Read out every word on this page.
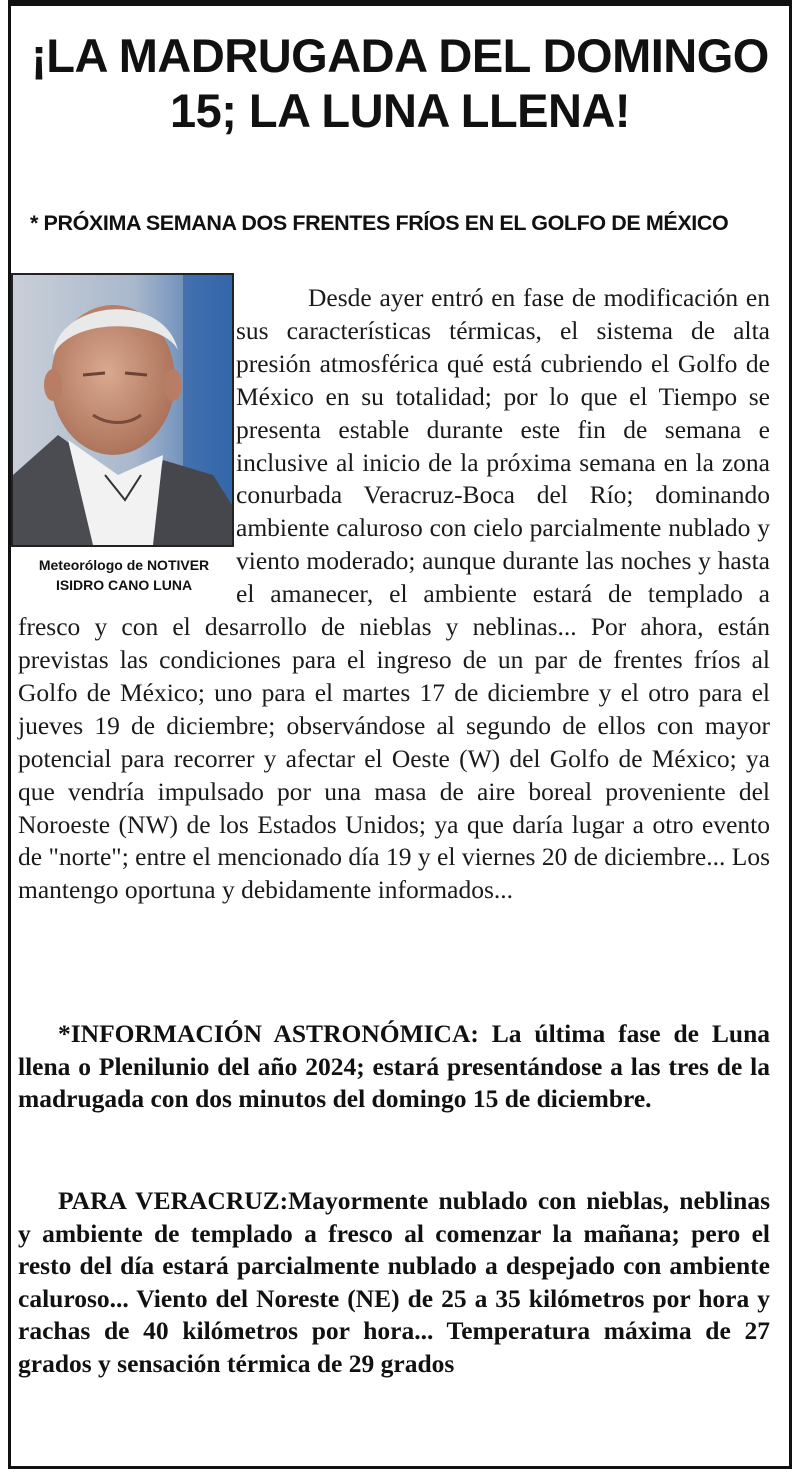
¡LA MADRUGADA DEL DOMINGO
15; LA LUNA LLENA!
* PRÓXIMA SEMANA DOS FRENTES FRÍOS EN EL GOLFO DE MÉXICO
Meteorólogo de NOTIVER
ISIDRO CANO LUNA

Desde ayer entró en fase de modificación en sus características térmicas, el sistema de alta presión atmosférica qué está cubriendo el Golfo de México en su totalidad; por lo que el Tiempo se presenta estable durante este fin de semana e inclusive al inicio de la próxima semana en la zona conurbada Veracruz-Boca del Río; dominando ambiente caluroso con cielo parcialmente nublado y viento moderado; aunque durante las noches y hasta el amanecer, el ambiente estará de templado a fresco y con el desarrollo de nieblas y neblinas... Por ahora, están previstas las condiciones para el ingreso de un par de frentes fríos al Golfo de México; uno para el martes 17 de diciembre y el otro para el jueves 19 de diciembre; observándose al segundo de ellos con mayor potencial para recorrer y afectar el Oeste (W) del Golfo de México; ya que vendría impulsado por una masa de aire boreal proveniente del Noroeste (NW) de los Estados Unidos; ya que daría lugar a otro evento de "norte"; entre el mencionado día 19 y el viernes 20 de diciembre... Los mantengo oportuna y debidamente informados...

*INFORMACIÓN ASTRONÓMICA: La última fase de Luna llena o Plenilunio del año 2024; estará presentándose a las tres de la madrugada con dos minutos del domingo 15 de diciembre.

PARA VERACRUZ:Mayormente nublado con nieblas, neblinas y ambiente de templado a fresco al comenzar la mañana; pero el resto del día estará parcialmente nublado a despejado con ambiente caluroso... Viento del Noreste (NE) de 25 a 35 kilómetros por hora y rachas de 40 kilómetros por hora... Temperatura máxima de 27 grados y sensación térmica de 29 grados
